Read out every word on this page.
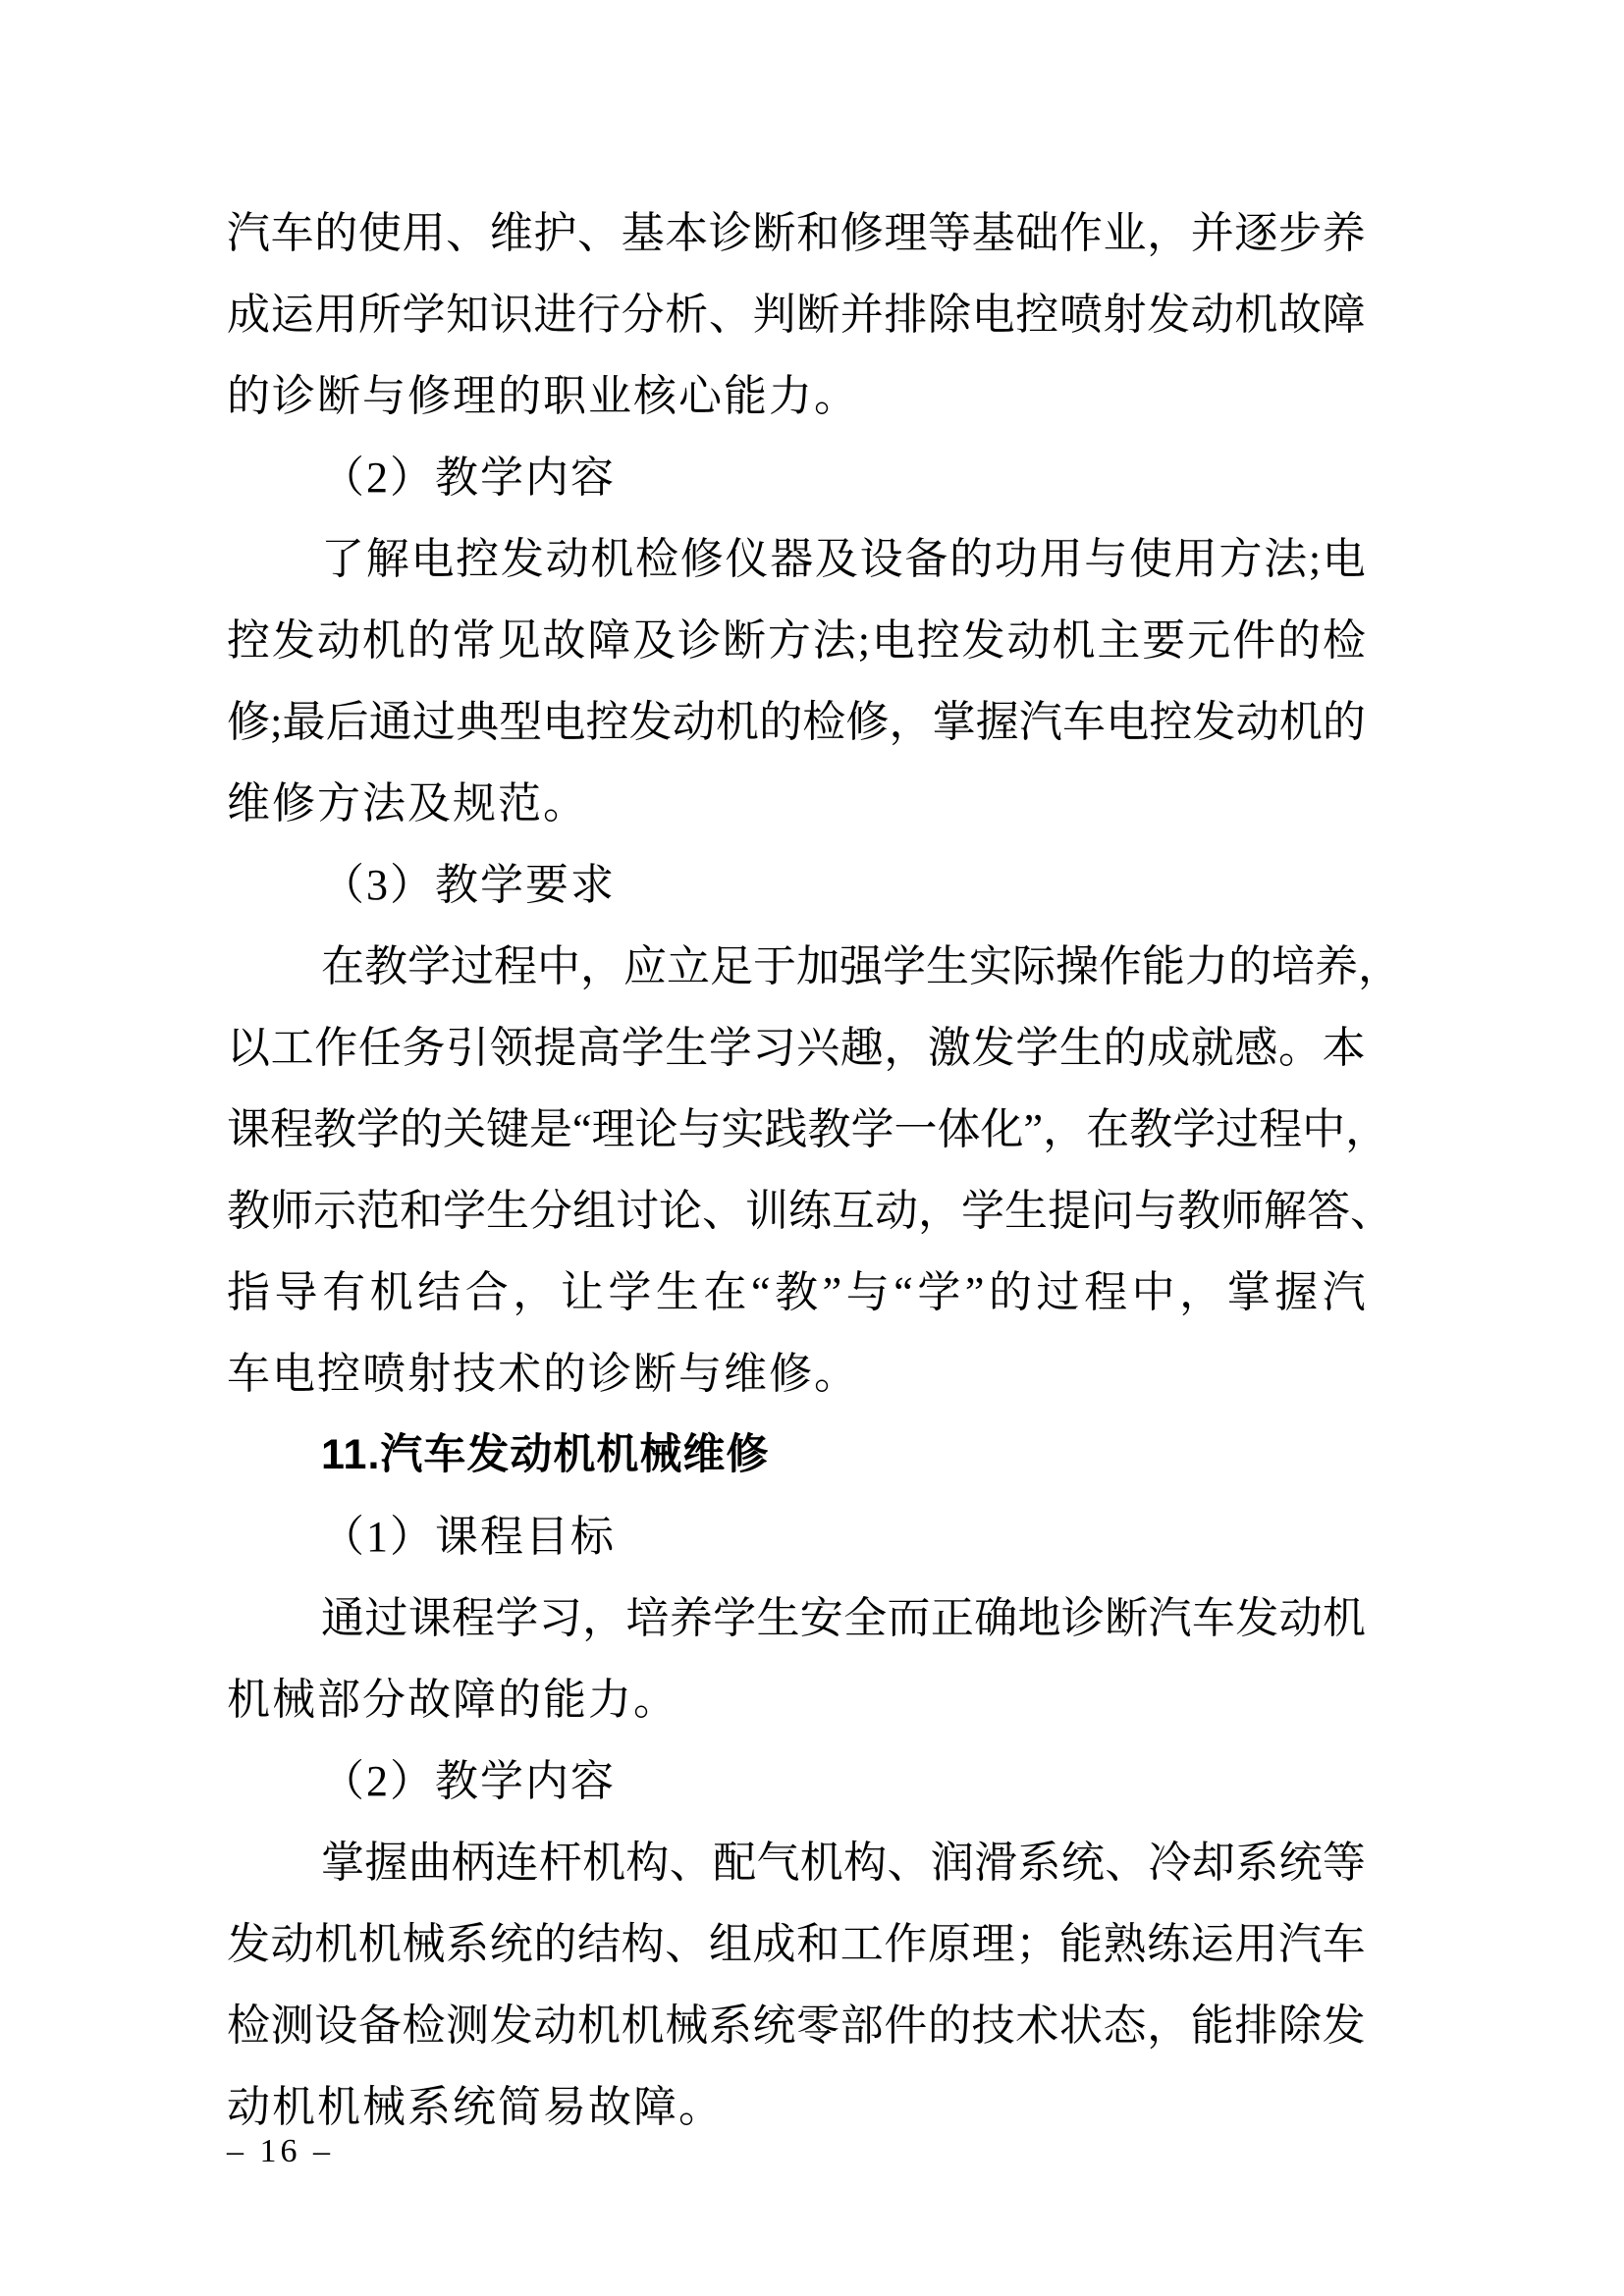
汽 车 的 使 用 、 维 护 、 基 本 诊 断 和 修 理 等 基 础 作 业 ， 并 逐 步 养
成 运 用 所 学 知 识 进 行 分 析 、 判 断 并 排 除 电 控 喷 射 发 动 机 故 障
的诊断与修理的职业核心能力。
（2）教学内容
了 解 电 控 发 动 机 检 修 仪 器 及 设 备 的 功 用 与 使 用 方 法 ; 电
控 发 动 机 的 常 见 故 障 及 诊 断 方 法 ; 电 控 发 动 机 主 要 元 件 的 检
修 ; 最 后 通 过 典 型 电 控 发 动 机 的 检 修 ， 掌 握 汽 车 电 控 发 动 机 的
维修方法及规范。
（3）教学要求
在 教 学 过 程 中 ， 应 立 足 于 加 强 学 生 实 际 操 作 能 力 的 培 养 ，
以 工 作 任 务 引 领 提 高 学 生 学 习 兴 趣 ， 激 发 学 生 的 成 就 感 。 本
课 程 教 学 的 关 键 是 “ 理 论 与 实 践 教 学 一 体 化 ” ， 在 教 学 过 程 中 ，
教 师 示 范 和 学 生 分 组 讨 论 、 训 练 互 动 ， 学 生 提 问 与 教 师 解 答 、
指 导 有 机 结 合 ， 让 学 生 在 “ 教 ” 与 “ 学 ” 的 过 程 中 ， 掌 握 汽
车电控喷射技术的诊断与维修。
11.汽车发动机机械维修
（1）课程目标
通 过 课 程 学 习 ， 培 养 学 生 安 全 而 正 确 地 诊 断 汽 车 发 动 机
机械部分故障的能力。
（2）教学内容
掌 握 曲 柄 连 杆 机 构 、 配 气 机 构 、 润 滑 系 统 、 冷 却 系 统 等
发 动 机 机 械 系 统 的 结 构 、 组 成 和 工 作 原 理 ； 能 熟 练 运 用 汽 车
检 测 设 备 检 测 发 动 机 机 械 系 统 零 部 件 的 技 术 状 态 ， 能 排 除 发
动机机械系统简易故障。
– 16 –
